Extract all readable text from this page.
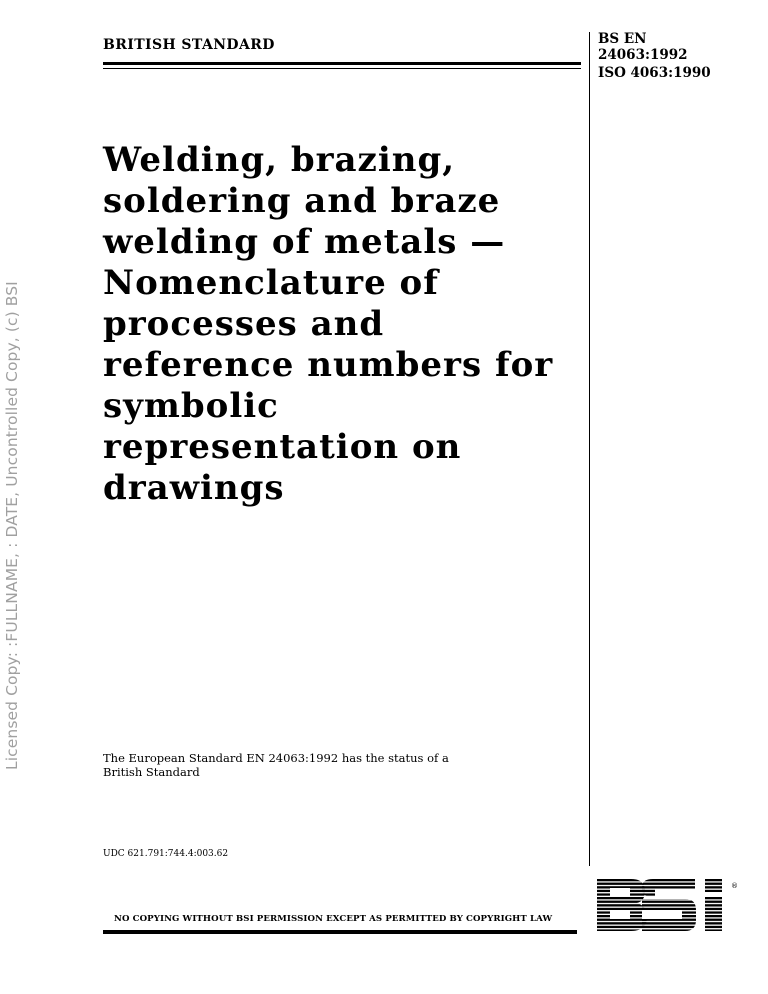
Licensed Copy: :FULLNAME, : DATE, Uncontrolled Copy, (c) BSI
BRITISH STANDARD	BS EN
24063:1992
ISO 4063:1990
Welding, brazing, soldering and braze welding of metals — Nomenclature of processes and reference numbers for symbolic representation on drawings
The European Standard EN 24063:1992 has the status of a
British Standard
UDC 621.791:744.4:003.62
NO COPYING WITHOUT BSI PERMISSION EXCEPT AS PERMITTED BY COPYRIGHT LAW
®
